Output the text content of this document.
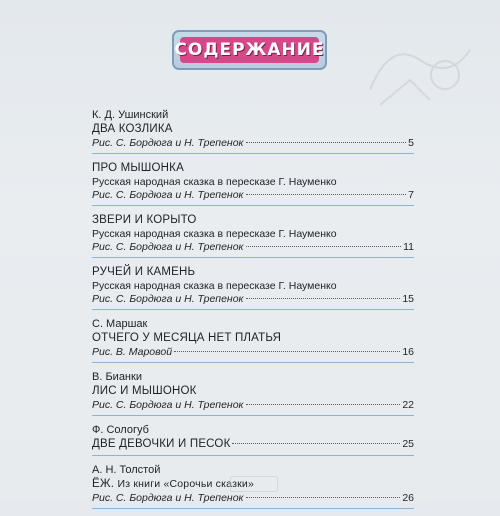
СОДЕРЖАНИЕ
К. Д. Ушинский
ДВА КОЗЛИКА
Рис. С. Бордюга и Н. Трепенок	5
ПРО МЫШОНКА
Русская народная сказка в пересказе Г. Науменко
Рис. С. Бордюга и Н. Трепенок	7
ЗВЕРИ И КОРЫТО
Русская народная сказка в пересказе Г. Науменко
Рис. С. Бордюга и Н. Трепенок	11
РУЧЕЙ И КАМЕНЬ
Русская народная сказка в пересказе Г. Науменко
Рис. С. Бордюга и Н. Трепенок	15
С. Маршак
ОТЧЕГО У МЕСЯЦА НЕТ ПЛАТЬЯ
Рис. В. Маровой	16
В. Бианки
ЛИС И МЫШОНОК
Рис. С. Бордюга и Н. Трепенок	22
Ф. Сологуб
ДВЕ ДЕВОЧКИ И ПЕСОК	25
А. Н. Толстой
ЁЖ. Из книги «Сорочьи сказки»
Рис. С. Бордюга и Н. Трепенок	26
